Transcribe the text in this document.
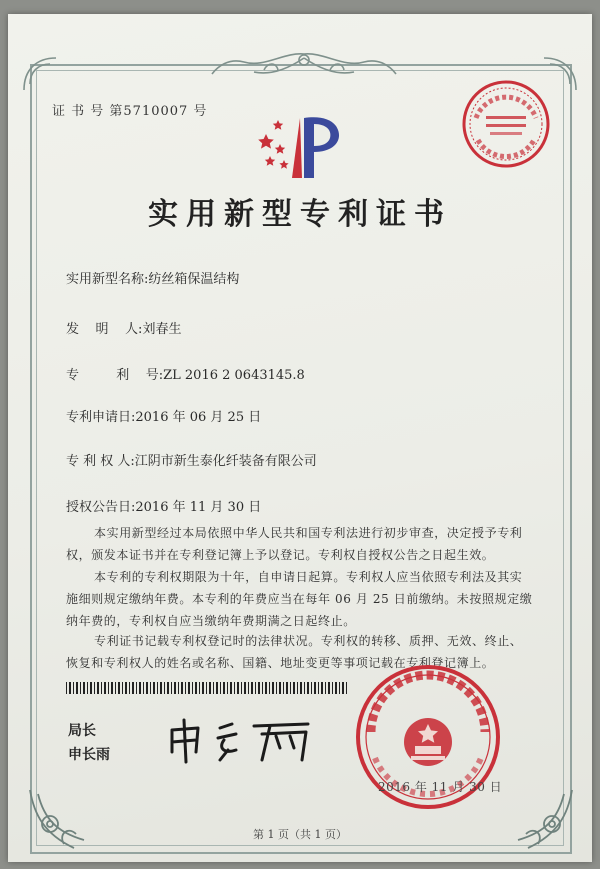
证 书 号 第5710007 号
实用新型专利证书
实用新型名称:纺丝箱保温结构
发    明    人:刘春生
专         利    号:ZL 2016 2 0643145.8
专利申请日:2016 年 06 月 25 日
专 利 权 人:江阴市新生泰化纤装备有限公司
授权公告日:2016 年 11 月 30 日

本实用新型经过本局依照中华人民共和国专利法进行初步审查，决定授予专利权，颁发本证书并在专利登记簿上予以登记。专利权自授权公告之日起生效。

本专利的专利权期限为十年，自申请日起算。专利权人应当依照专利法及其实施细则规定缴纳年费。本专利的年费应当在每年 06 月 25 日前缴纳。未按照规定缴纳年费的，专利权自应当缴纳年费期满之日起终止。

专利证书记载专利权登记时的法律状况。专利权的转移、质押、无效、终止、恢复和专利权人的姓名或名称、国籍、地址变更等事项记载在专利登记簿上。

局长
申长雨
2016 年 11 月 30 日
第 1 页（共 1 页）
